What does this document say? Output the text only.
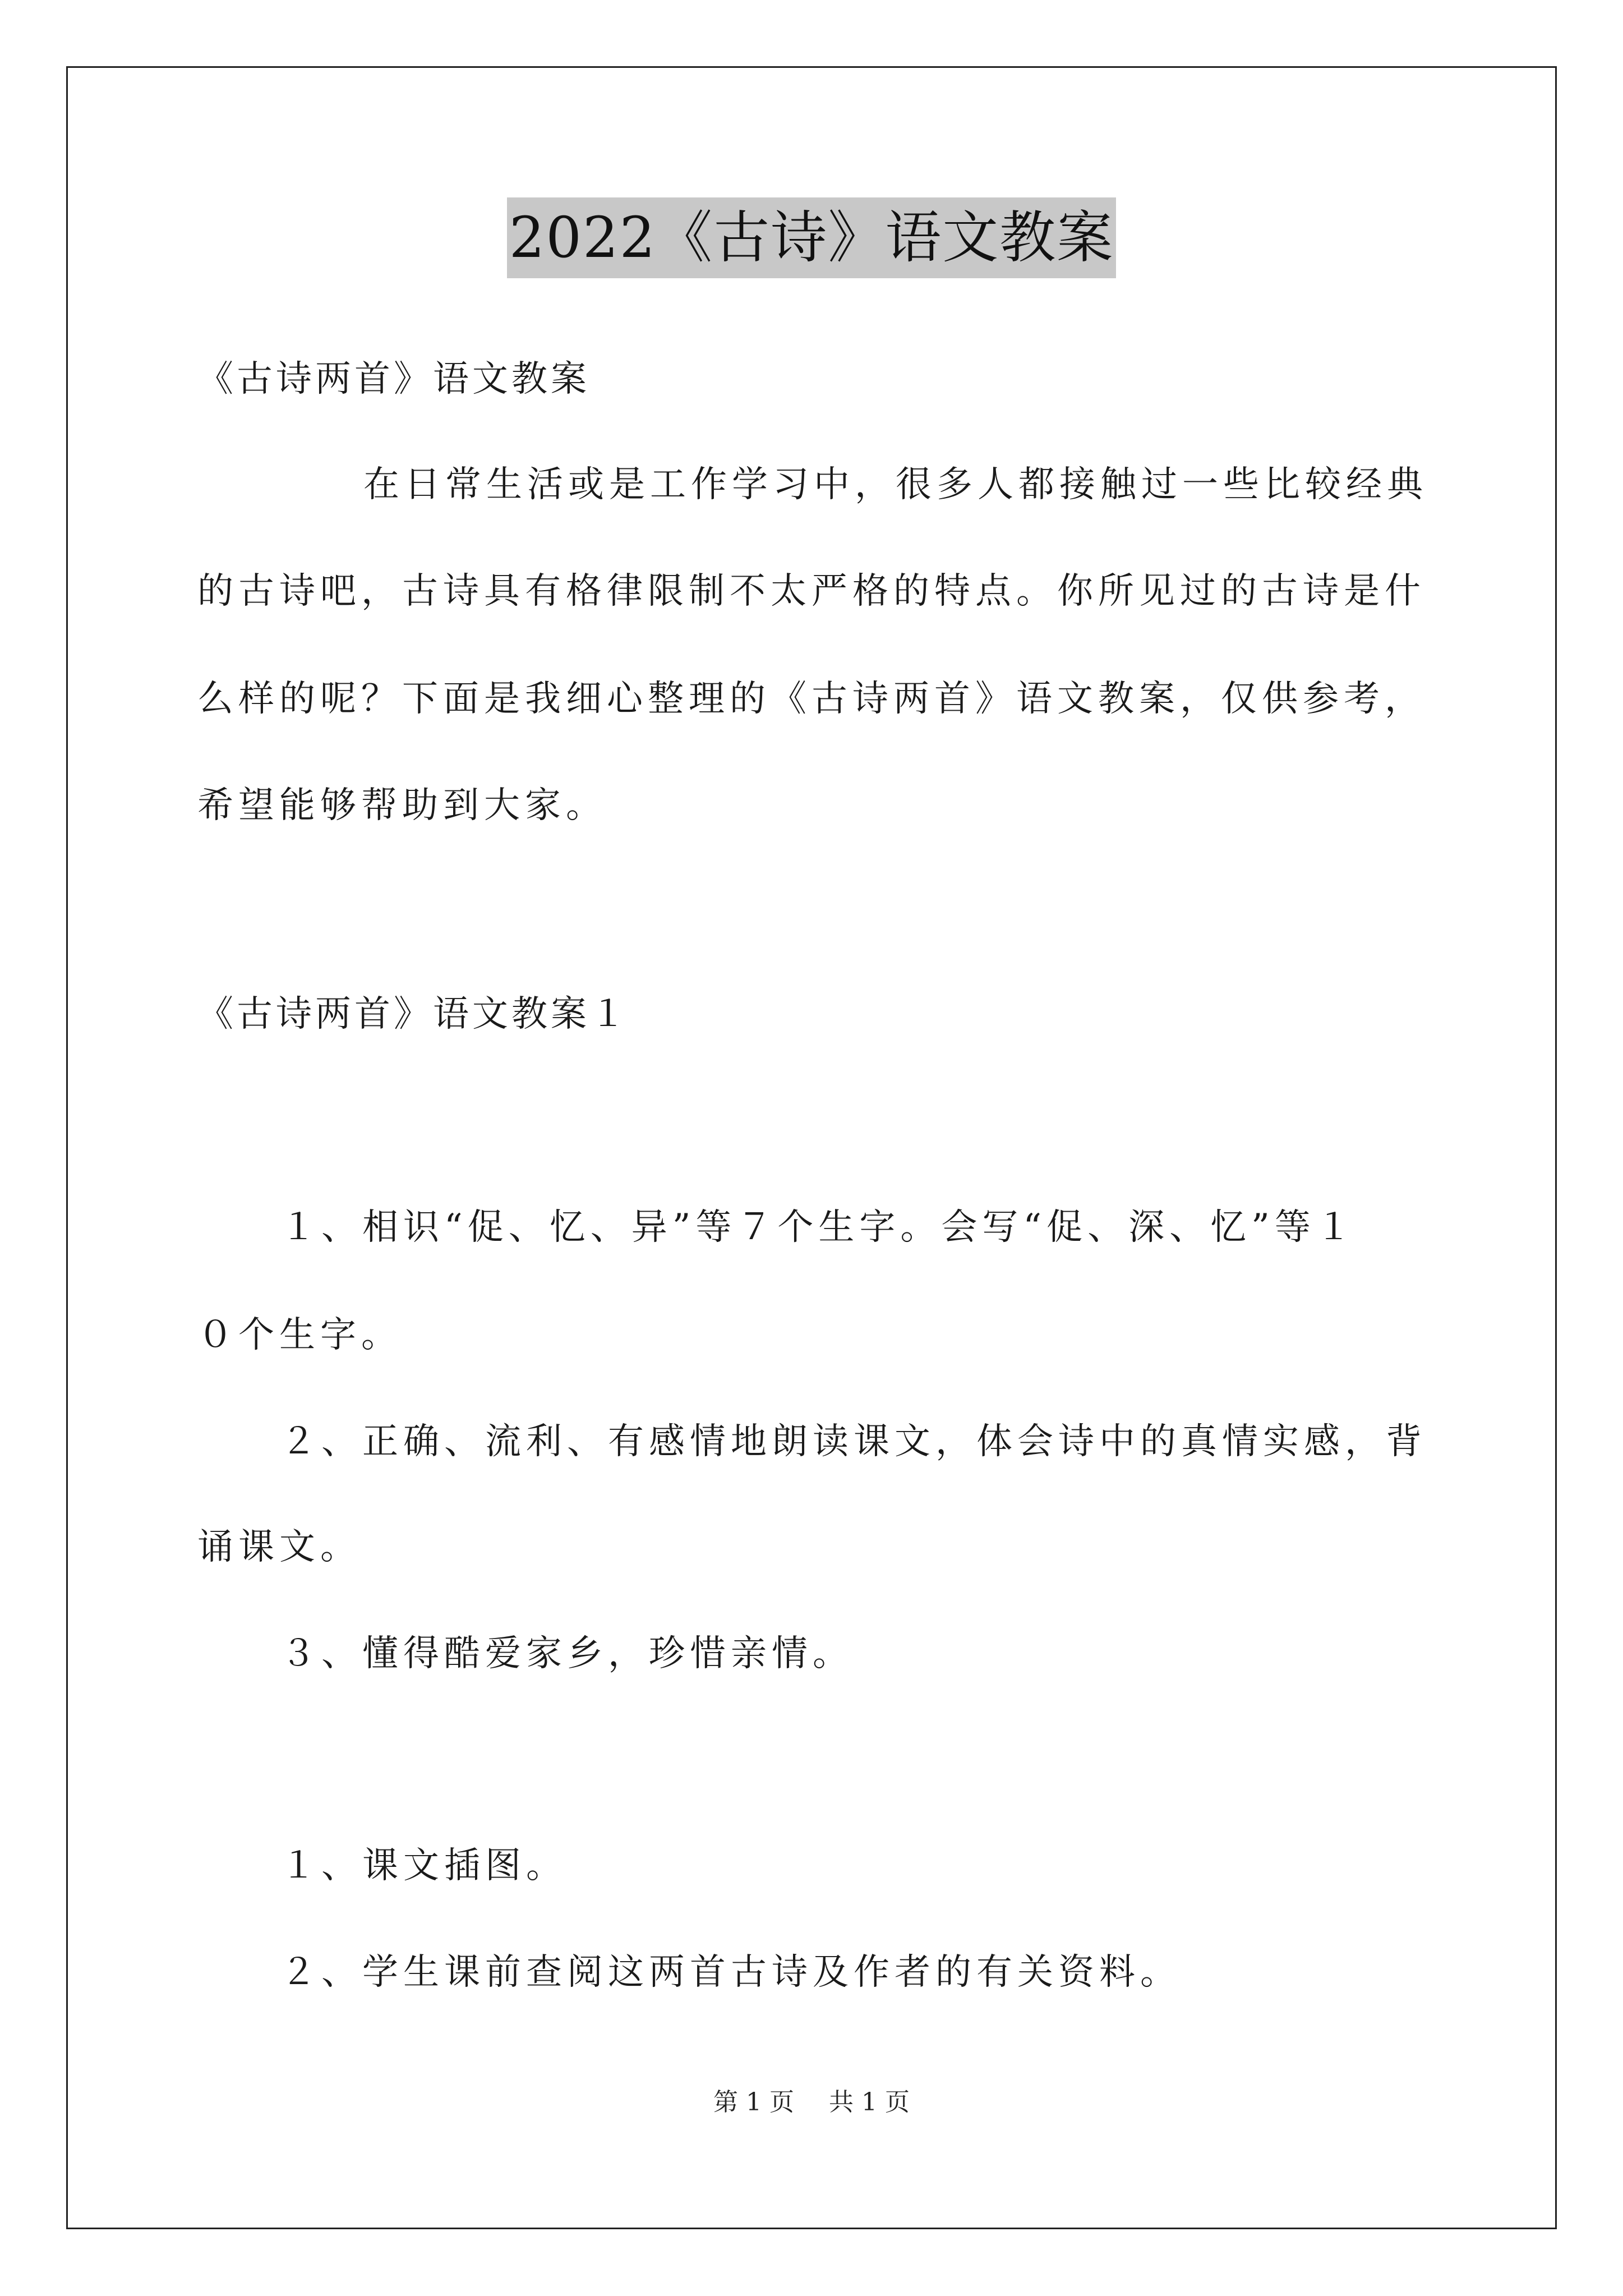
2022《古诗》语文教案
《古诗两首》语文教案
在日常生活或是工作学习中，很多人都接触过一些比较经典
的古诗吧，古诗具有格律限制不太严格的特点。你所见过的古诗是什
么样的呢？下面是我细心整理的《古诗两首》语文教案，仅供参考，
希望能够帮助到大家。
《古诗两首》语文教案１
１、相识“促、忆、异”等７个生字。会写“促、深、忆”等１
０个生字。
２、正确、流利、有感情地朗读课文，体会诗中的真情实感，背
诵课文。
３、懂得酷爱家乡，珍惜亲情。
１、课文插图。
２、学生课前查阅这两首古诗及作者的有关资料。
第 1 页 共 1 页
